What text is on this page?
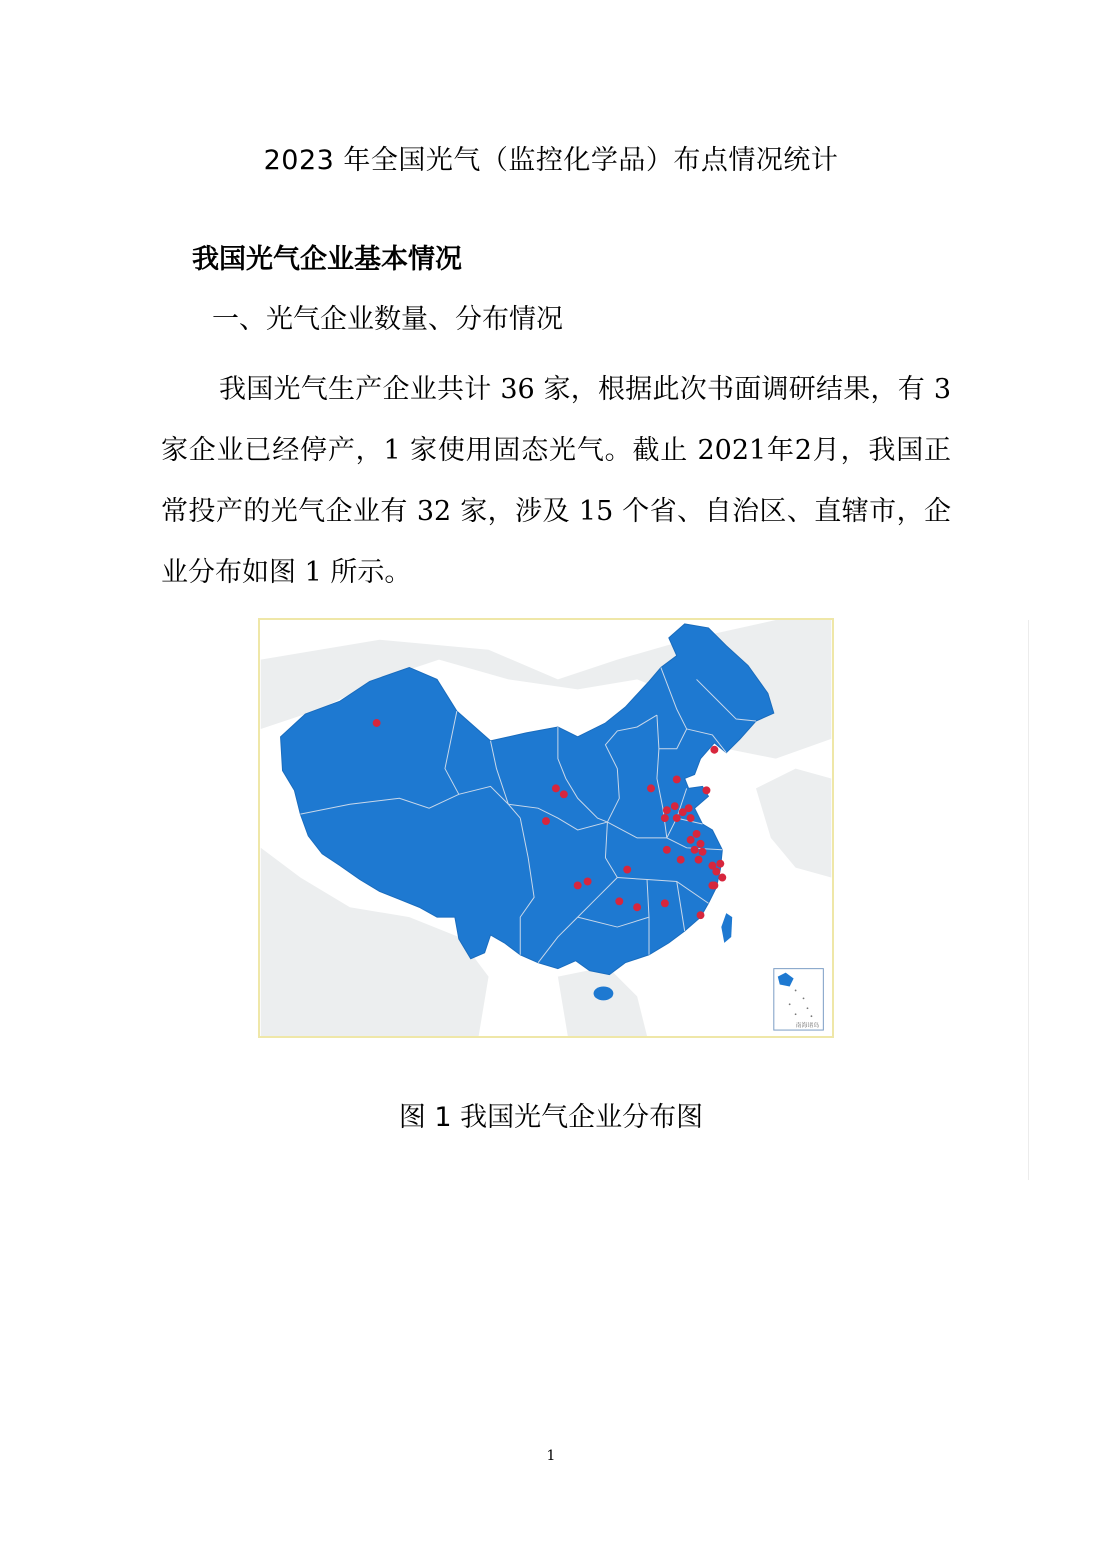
2023 年全国光气（监控化学品）布点情况统计
我国光气企业基本情况
一、光气企业数量、分布情况
我国光气生产企业共计 36 家，根据此次书面调研结果，有 3 家企业已经停产，1 家使用固态光气。截止 2021年2月，我国正常投产的光气企业有 32 家，涉及 15 个省、自治区、直辖市，企业分布如图 1 所示。
南海诸岛
图 1 我国光气企业分布图
1
